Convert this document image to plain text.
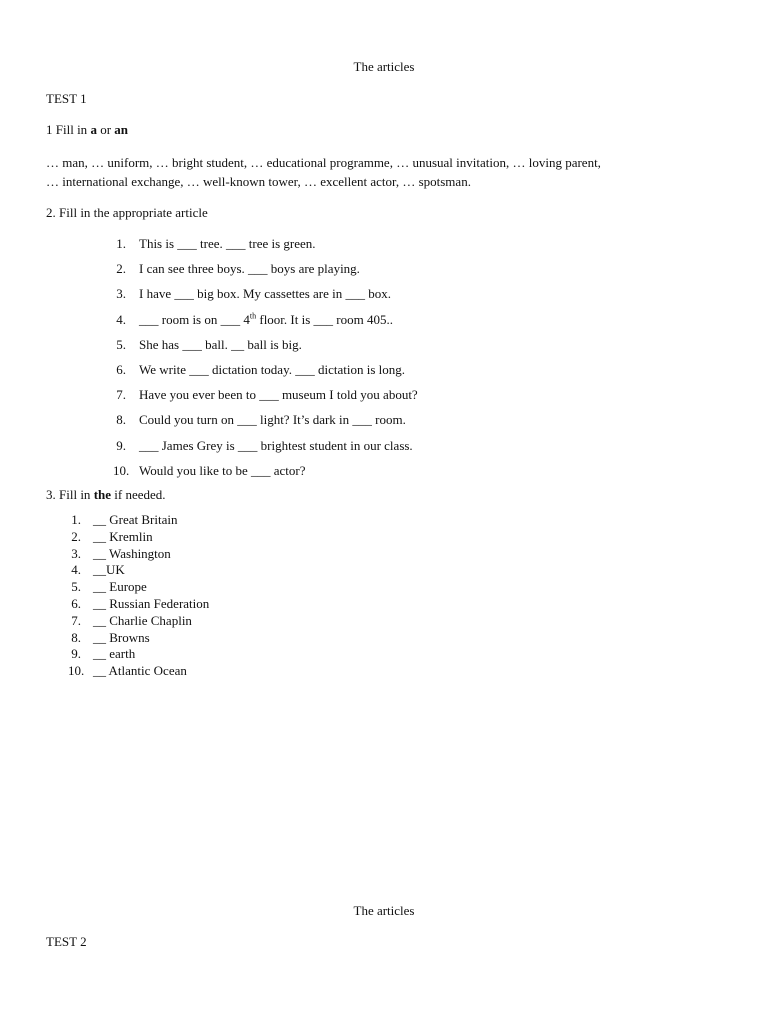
The articles
TEST 1
1 Fill in a or an
… man, … uniform, … bright student, … educational programme, … unusual invitation, … loving parent,
… international exchange, … well-known tower, … excellent actor, … spotsman.
2. Fill in the appropriate article
1. This is ___ tree. ___ tree is green.
2. I can see three boys. ___ boys are playing.
3. I have ___ big box. My cassettes are in ___ box.
4. ___ room is on ___ 4th floor. It is ___ room 405..
5. She has ___ ball. __ ball is big.
6. We write ___ dictation today. ___ dictation is long.
7. Have you ever been to ___ museum I told you about?
8. Could you turn on ___ light? It’s dark in ___ room.
9. ___ James Grey is ___ brightest student in our class.
10. Would you like to be ___ actor?
3. Fill in the if needed.
1. __ Great Britain
2. __ Kremlin
3. __ Washington
4. __UK
5. __ Europe
6. __ Russian Federation
7. __ Charlie Chaplin
8. __ Browns
9. __ earth
10. __ Atlantic Ocean
The articles
TEST 2
